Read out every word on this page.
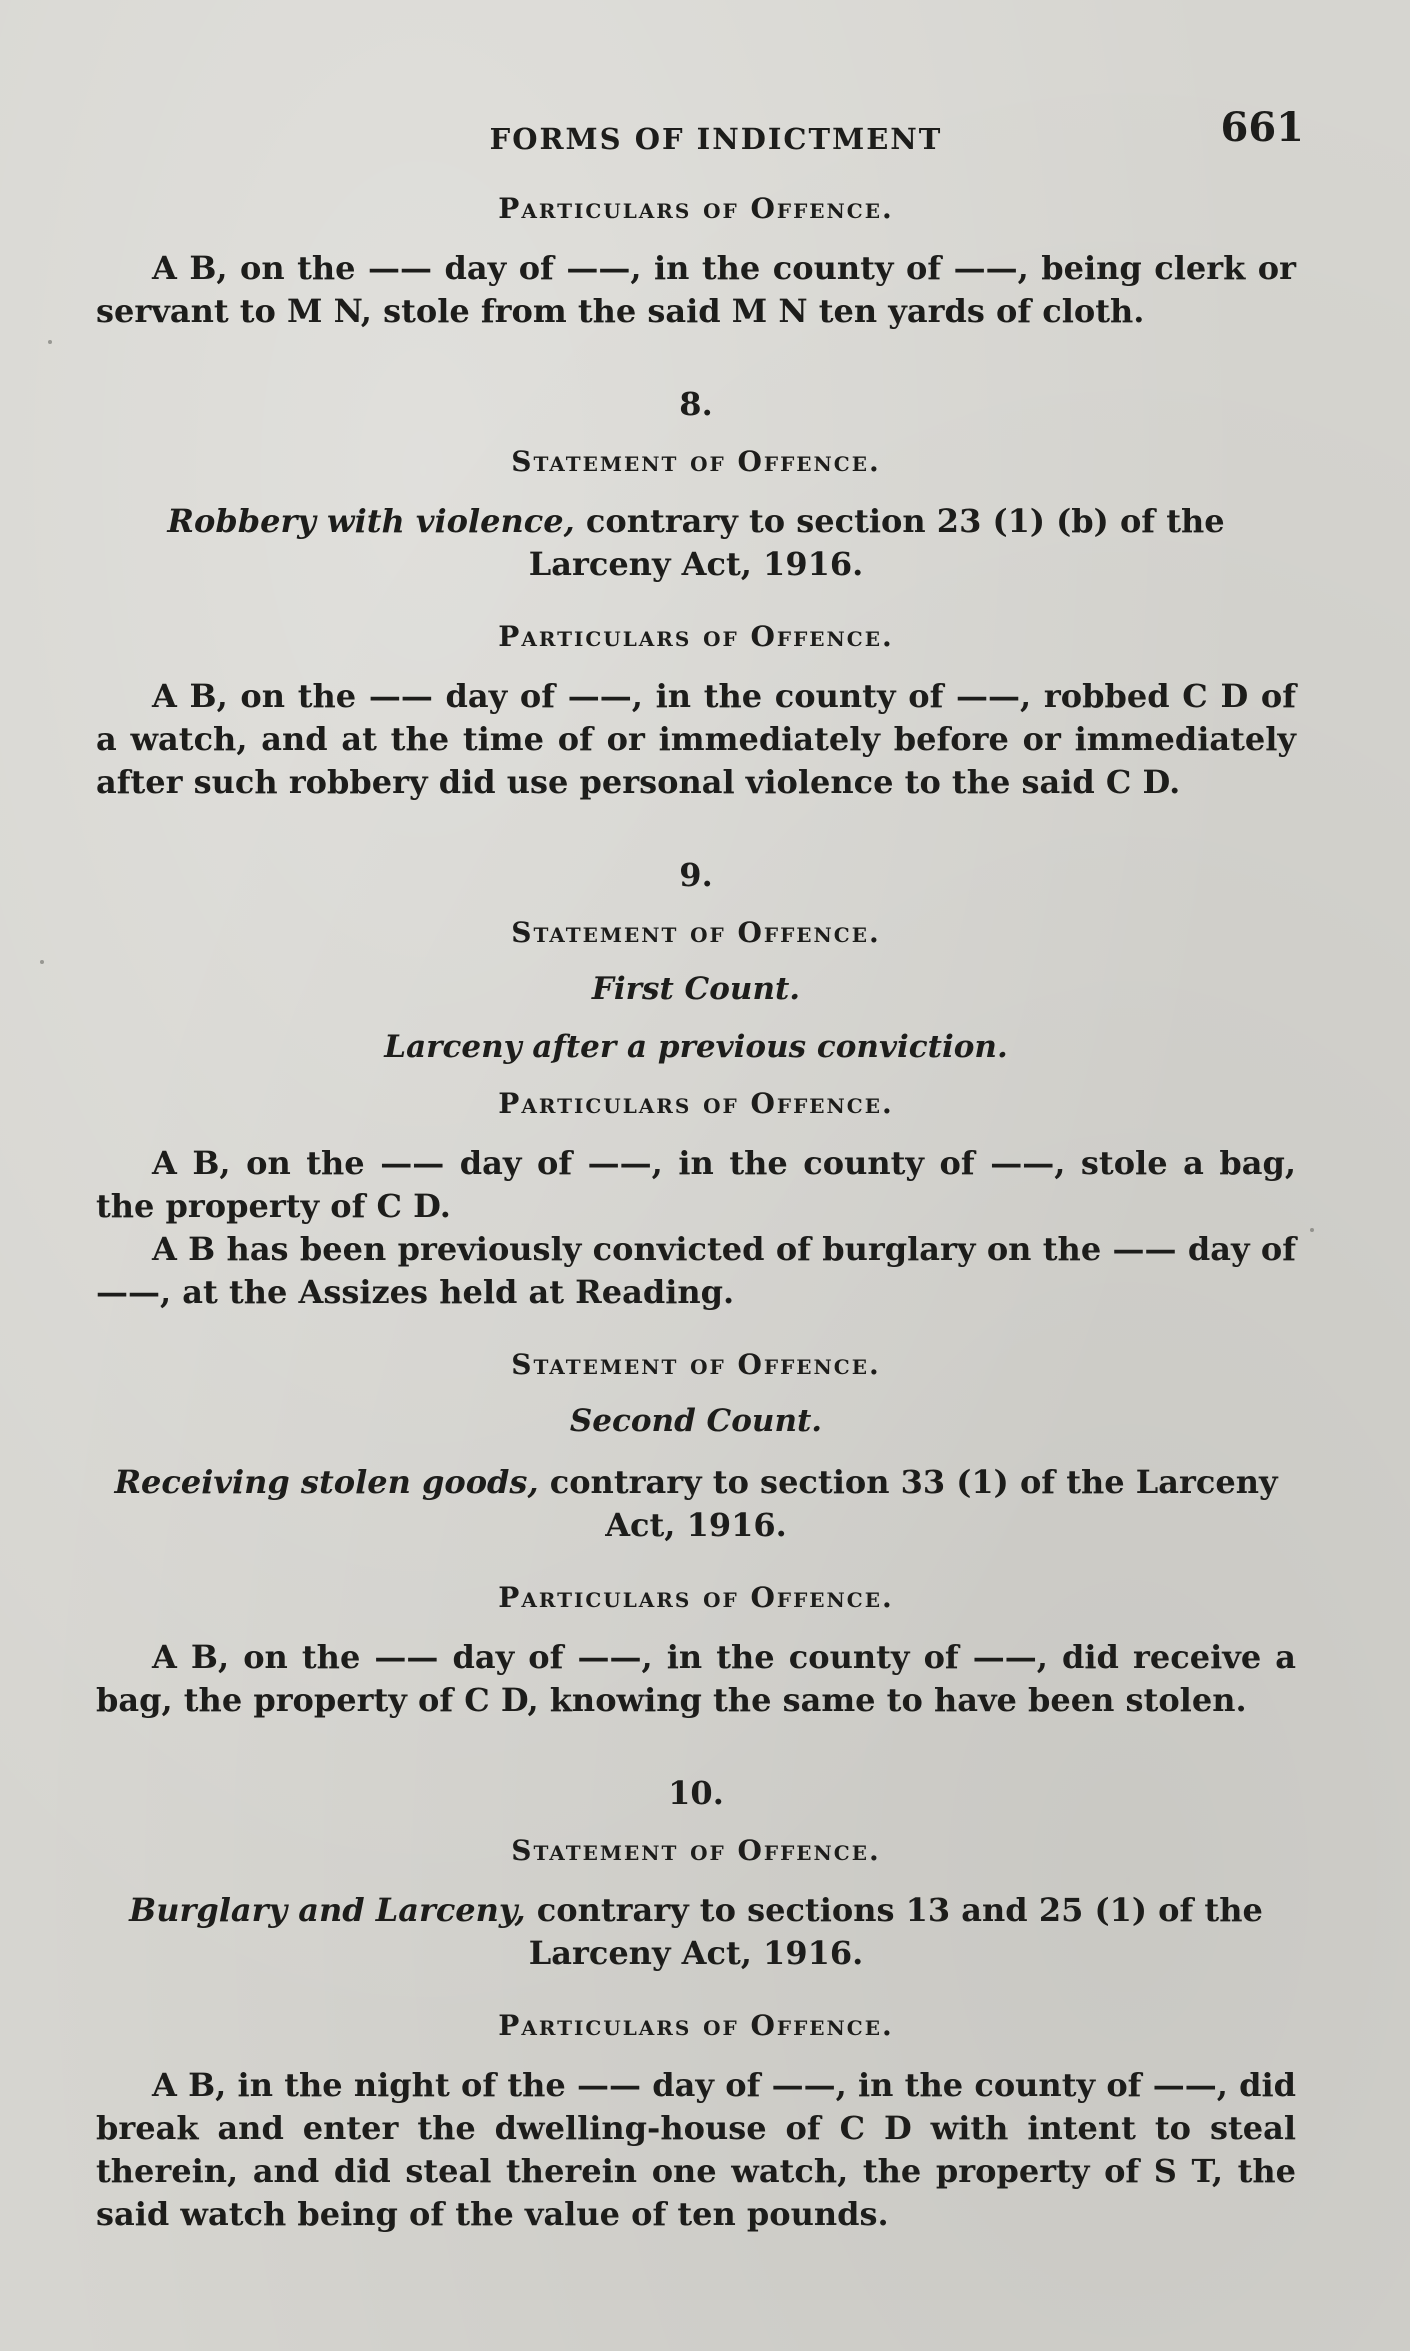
FORMS OF INDICTMENT	661

Particulars of Offence.

A B, on the —— day of ——, in the county of ——, being clerk or servant to M N, stole from the said M N ten yards of cloth.

8.

Statement of Offence.

Robbery with violence, contrary to section 23 (1) (b) of the Larceny Act, 1916.

Particulars of Offence.

A B, on the —— day of ——, in the county of ——, robbed C D of a watch, and at the time of or immediately before or immediately after such robbery did use personal violence to the said C D.

9.

Statement of Offence.

First Count.

Larceny after a previous conviction.

Particulars of Offence.

A B, on the —— day of ——, in the county of ——, stole a bag, the property of C D.

A B has been previously convicted of burglary on the —— day of ——, at the Assizes held at Reading.

Statement of Offence.

Second Count.

Receiving stolen goods, contrary to section 33 (1) of the Larceny Act, 1916.

Particulars of Offence.

A B, on the —— day of ——, in the county of ——, did receive a bag, the property of C D, knowing the same to have been stolen.

10.

Statement of Offence.

Burglary and Larceny, contrary to sections 13 and 25 (1) of the Larceny Act, 1916.

Particulars of Offence.

A B, in the night of the —— day of ——, in the county of ——, did break and enter the dwelling-house of C D with intent to steal therein, and did steal therein one watch, the property of S T, the said watch being of the value of ten pounds.
